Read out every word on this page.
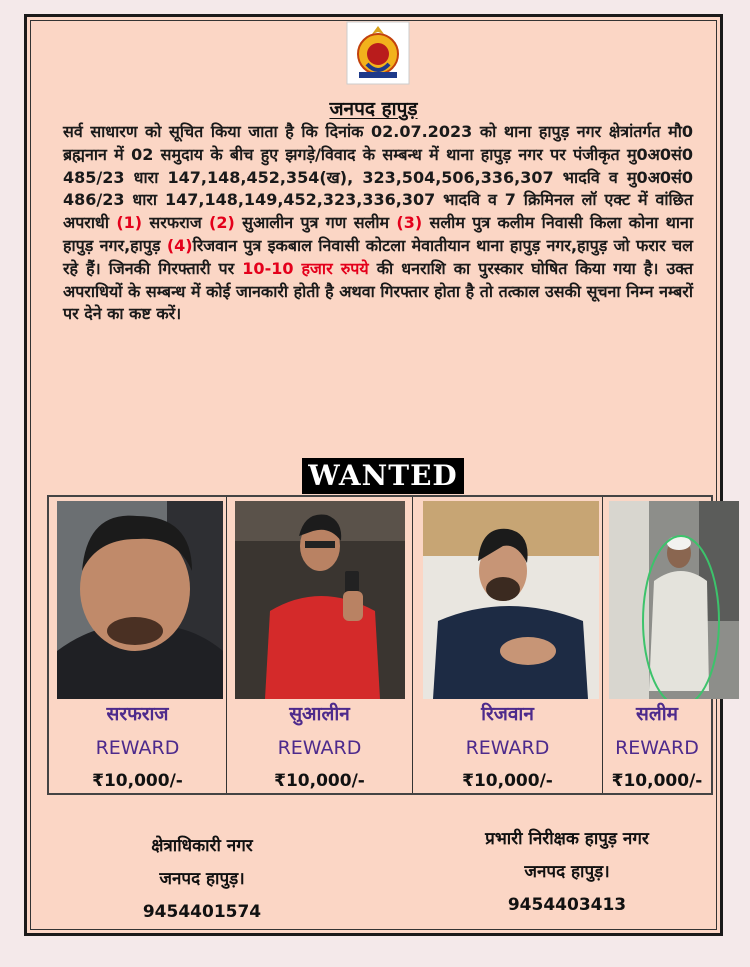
जनपद हापुड़
सर्व साधारण को सूचित किया जाता है कि दिनांक 02.07.2023 को थाना हापुड़ नगर क्षेत्रांतर्गत मौ0 ब्रह्मनान में 02 समुदाय के बीच हुए झगड़े/विवाद के सम्बन्ध में थाना हापुड़ नगर पर पंजीकृत मु0अ0सं0 485/23 धारा 147,148,452,354(ख), 323,504,506,336,307 भादवि व मु0अ0सं0 486/23 धारा 147,148,149,452,323,336,307 भादवि व 7 क्रिमिनल लॉ एक्ट में वांछित अपराधी (1) सरफराज (2) सुआलीन पुत्र गण सलीम (3) सलीम पुत्र कलीम निवासी किला कोना थाना हापुड़ नगर,हापुड़ (4)रिजवान पुत्र इकबाल निवासी कोटला मेवातीयान थाना हापुड़ नगर,हापुड़ जो फरार चल रहे हैं। जिनकी गिरफ्तारी पर 10-10 हजार रुपये की धनराशि का पुरस्कार घोषित किया गया है। उक्त अपराधियों के सम्बन्ध में कोई जानकारी होती है अथवा गिरफ्तार होता है तो तत्काल उसकी सूचना निम्न नम्बरों पर देने का कष्ट करें।
WANTED
सरफराज
REWARD
₹10,000/-
सुआलीन
REWARD
₹10,000/-
रिजवान
REWARD
₹10,000/-
सलीम
REWARD
₹10,000/-
क्षेत्राधिकारी नगर
जनपद हापुड़।
9454401574
प्रभारी निरीक्षक हापुड़ नगर
जनपद हापुड़।
9454403413
